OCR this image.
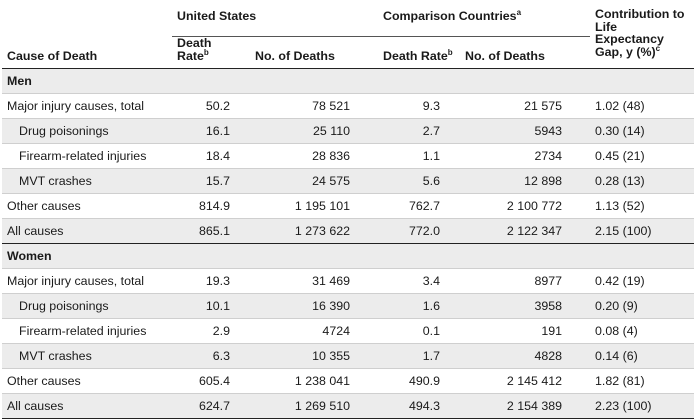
	United States		Comparison Countries$^a$		Contribution to Life Expectancy Gap, y (%)$^c$
Cause of Death	Death Rate$^b$	No. of Deaths	Death Rate$^b$	No. of Deaths	
Men					
Major injury causes, total	50.2	78 521	9.3	21 575	1.02 (48)
Drug poisonings	16.1	25 110	2.7	5943	0.30 (14)
Firearm-related injuries	18.4	28 836	1.1	2734	0.45 (21)
MVT crashes	15.7	24 575	5.6	12 898	0.28 (13)
Other causes	814.9	1 195 101	762.7	2 100 772	1.13 (52)
All causes	865.1	1 273 622	772.0	2 122 347	2.15 (100)
Women					
Major injury causes, total	19.3	31 469	3.4	8977	0.42 (19)
Drug poisonings	10.1	16 390	1.6	3958	0.20 (9)
Firearm-related injuries	2.9	4724	0.1	191	0.08 (4)
MVT crashes	6.3	10 355	1.7	4828	0.14 (6)
Other causes	605.4	1 238 041	490.9	2 145 412	1.82 (81)
All causes	624.7	1 269 510	494.3	2 154 389	2.23 (100)
